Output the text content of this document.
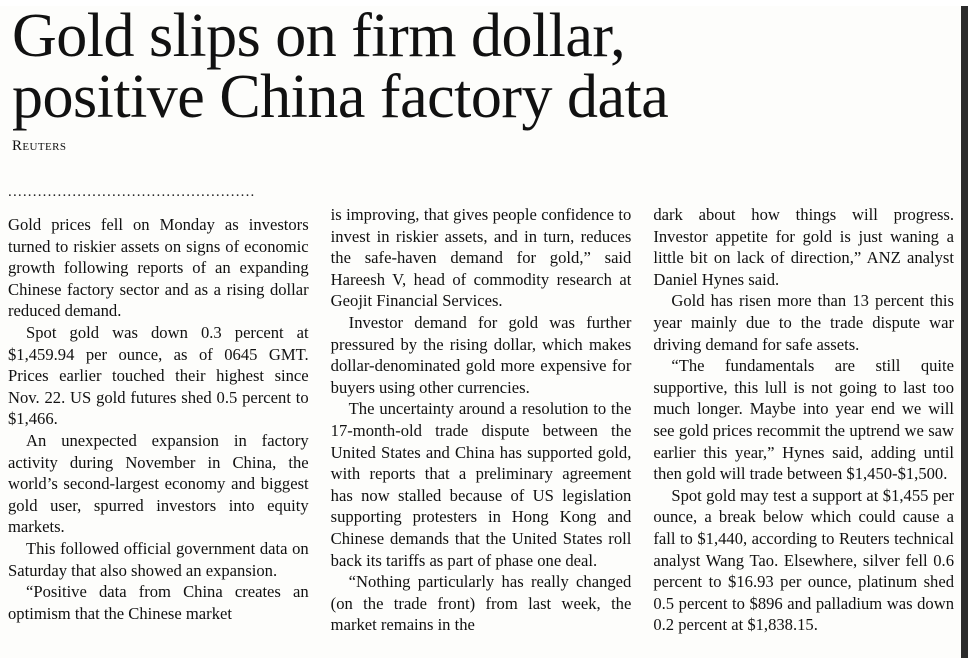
Gold slips on firm dollar,
positive China factory data
Reuters
..................................................

Gold prices fell on Monday as investors turned to riskier assets on signs of economic growth following reports of an expanding Chinese factory sector and as a rising dollar reduced demand.

Spot gold was down 0.3 percent at $1,459.94 per ounce, as of 0645 GMT. Prices earlier touched their highest since Nov. 22. US gold futures shed 0.5 percent to $1,466.

An unexpected expansion in factory activity during November in China, the world’s second-largest economy and biggest gold user, spurred investors into equity markets.

This followed official government data on Saturday that also showed an expansion.

“Positive data from China creates an optimism that the Chinese market

is improving, that gives people confidence to invest in riskier assets, and in turn, reduces the safe-haven demand for gold,” said Hareesh V, head of commodity research at Geojit Financial Services.

Investor demand for gold was further pressured by the rising dollar, which makes dollar-denominated gold more expensive for buyers using other currencies.

The uncertainty around a resolution to the 17-month-old trade dispute between the United States and China has supported gold, with reports that a preliminary agreement has now stalled because of US legislation supporting protesters in Hong Kong and Chinese demands that the United States roll back its tariffs as part of phase one deal.

“Nothing particularly has really changed (on the trade front) from last week, the market remains in the

dark about how things will progress. Investor appetite for gold is just waning a little bit on lack of direction,” ANZ analyst Daniel Hynes said.

Gold has risen more than 13 percent this year mainly due to the trade dispute war driving demand for safe assets.

“The fundamentals are still quite supportive, this lull is not going to last too much longer. Maybe into year end we will see gold prices recommit the uptrend we saw earlier this year,” Hynes said, adding until then gold will trade between $1,450-$1,500.

Spot gold may test a support at $1,455 per ounce, a break below which could cause a fall to $1,440, according to Reuters technical analyst Wang Tao. Elsewhere, silver fell 0.6 percent to $16.93 per ounce, platinum shed 0.5 percent to $896 and palladium was down 0.2 percent at $1,838.15.
